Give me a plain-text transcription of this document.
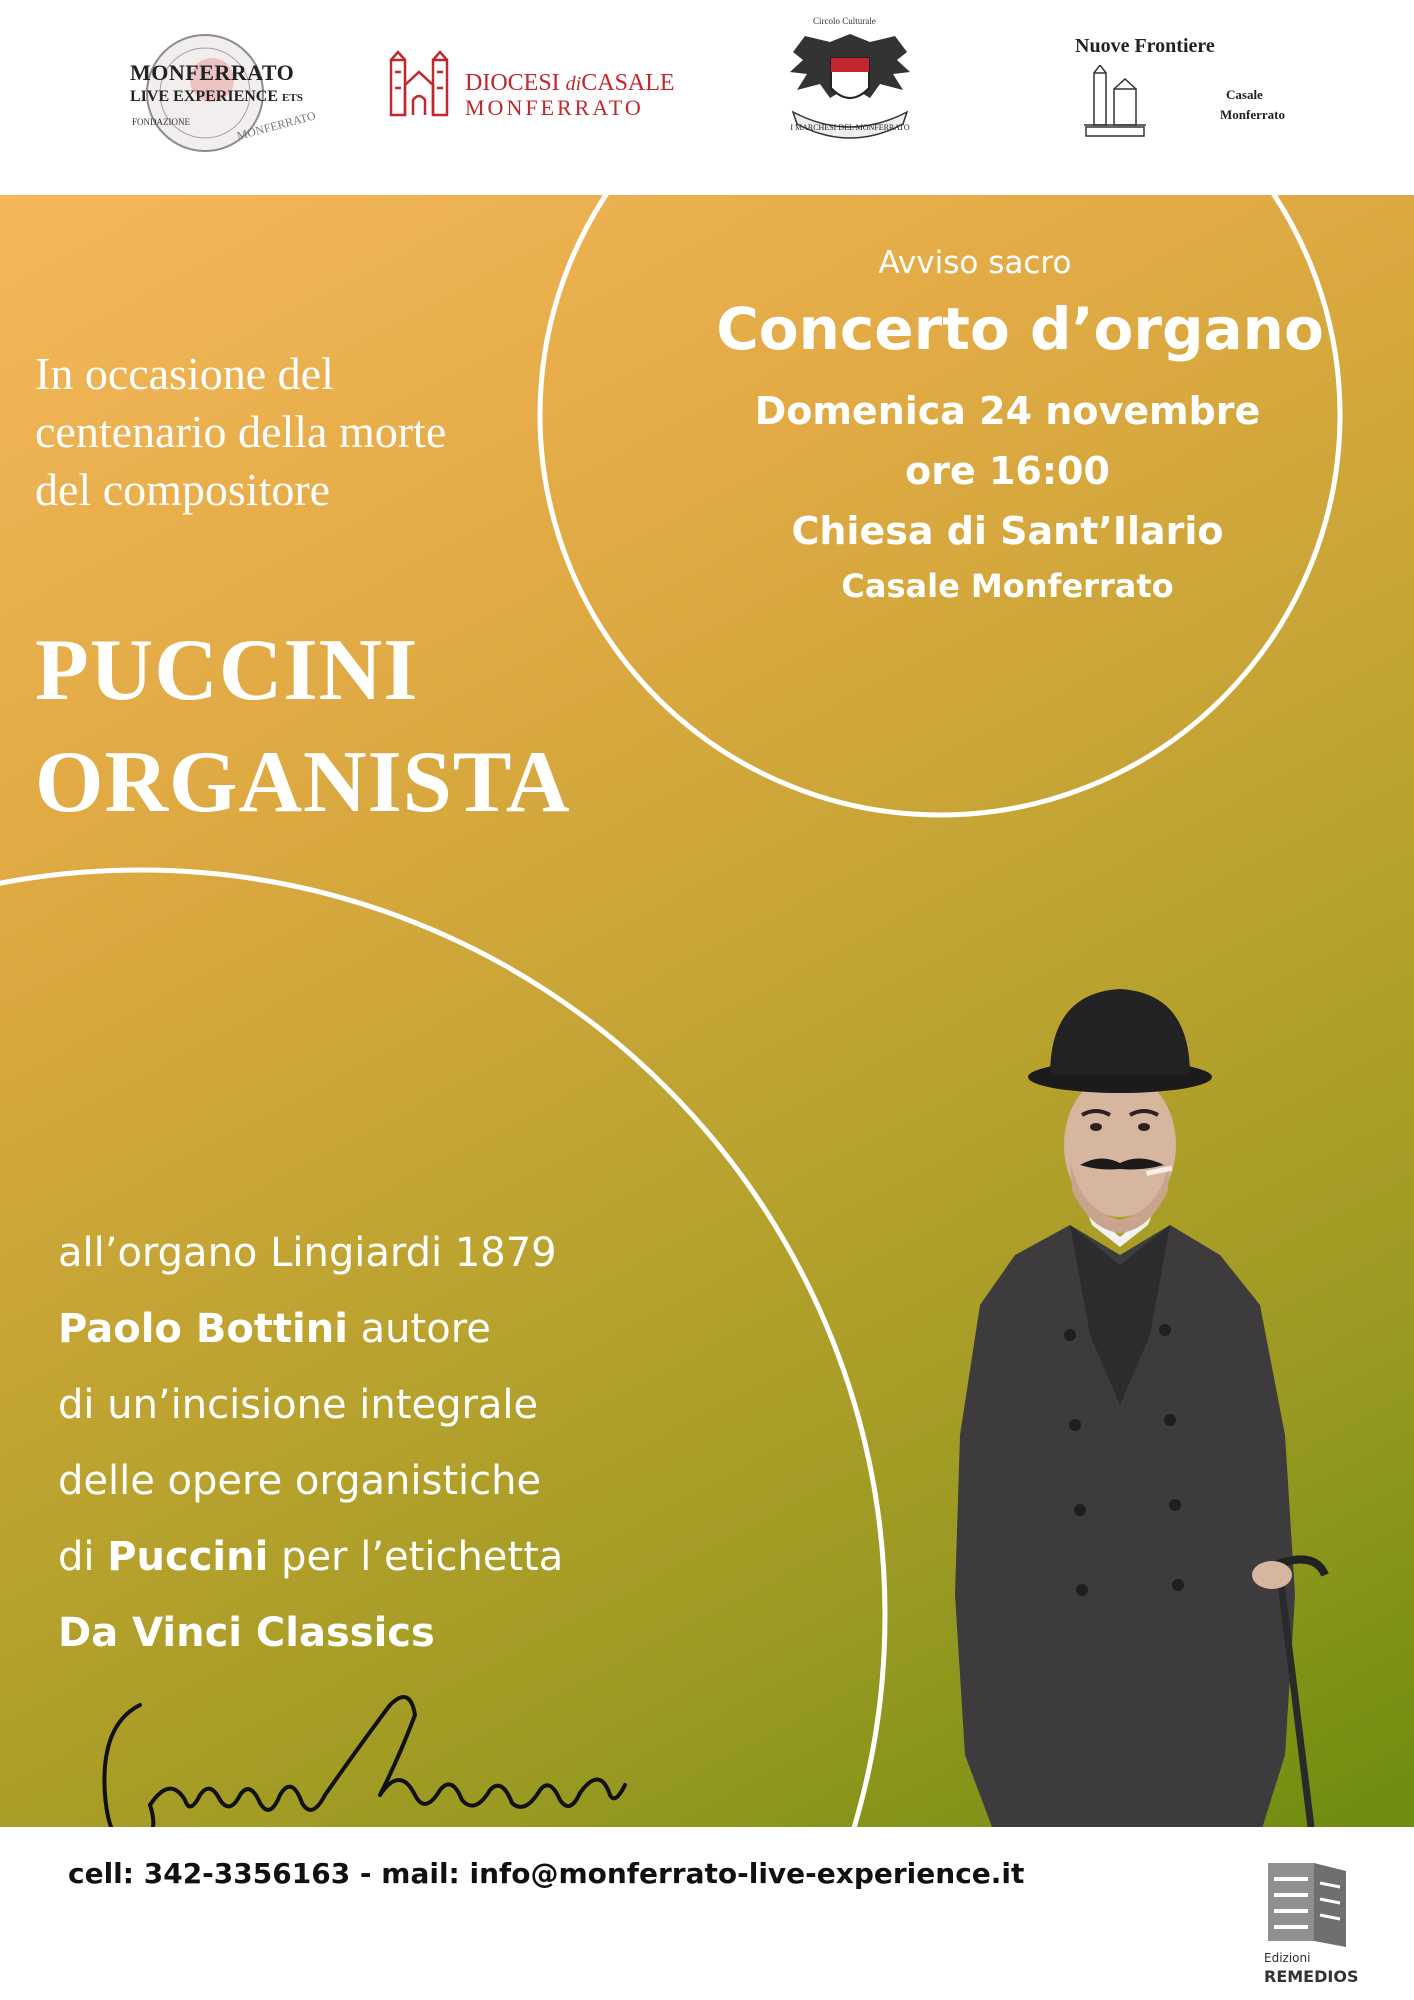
MONFERRATO
MONFERRATO
LIVE EXPERIENCE ETS
FONDAZIONE
DIOCESI diCASALE
MONFERRATO
Circolo Culturale
I MARCHESI DEL MONFERRATO
Nuove Frontiere
Casale
Monferrato
In occasione del
centenario della morte
del compositore
PUCCINI
ORGANISTA
Avviso sacro
Concerto d’organo
Domenica 24 novembre
ore 16:00
Chiesa di Sant’Ilario
Casale Monferrato
all’organo Lingiardi 1879
Paolo Bottini autore
di un’incisione integrale
delle opere organistiche
di Puccini per l’etichetta
Da Vinci Classics
cell: 342-3356163 - mail: info@monferrato-live-experience.it
Edizioni
REMEDIOS
